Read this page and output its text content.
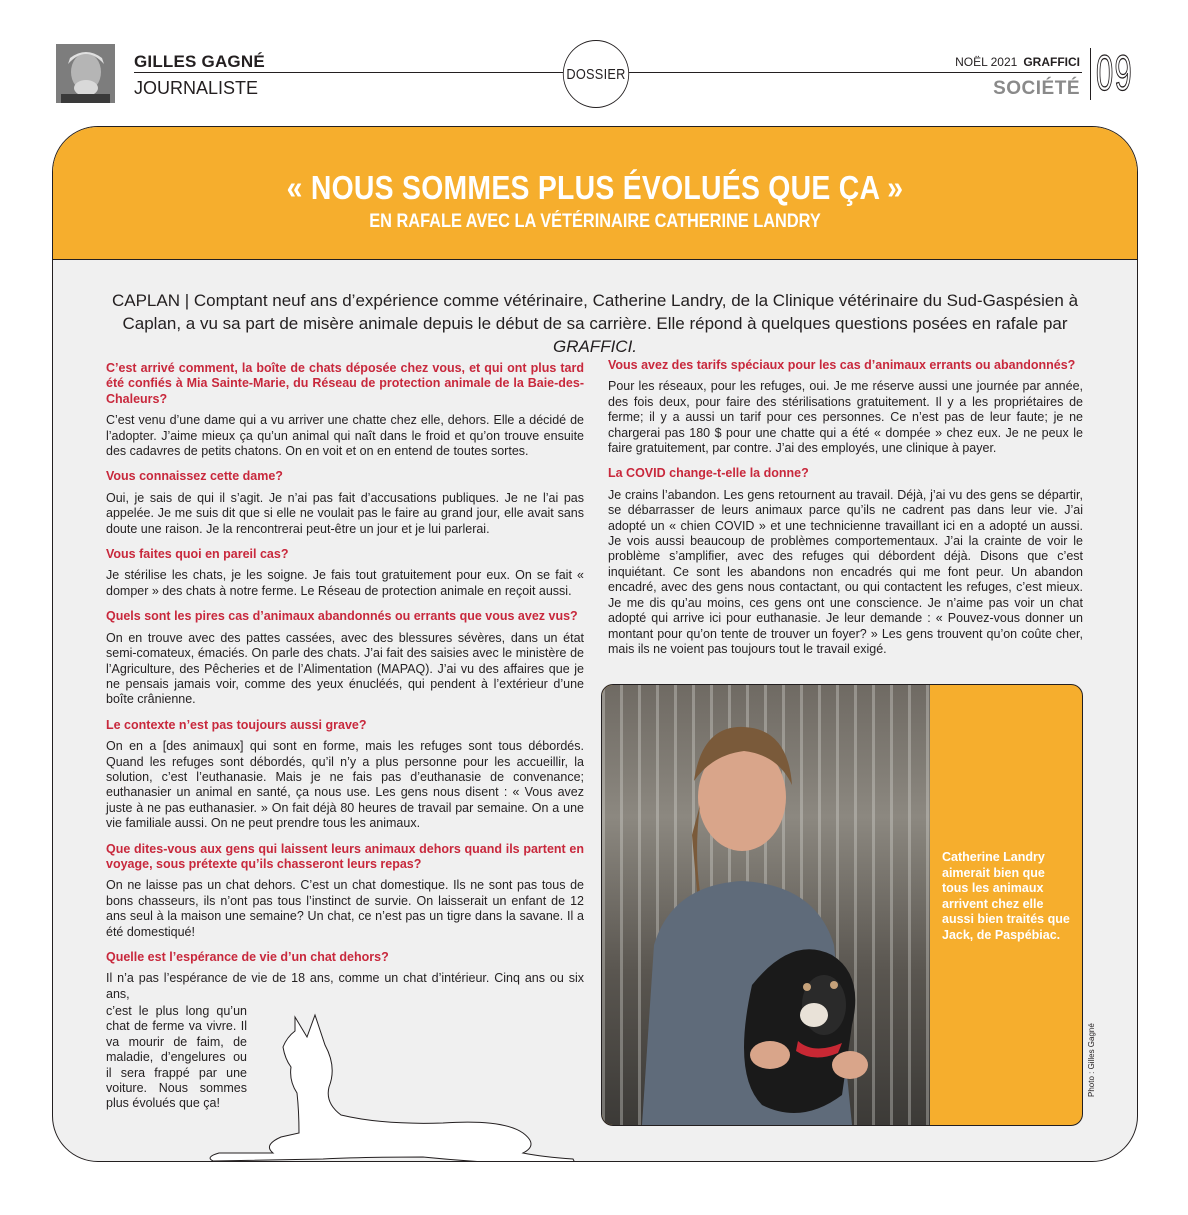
GILLES GAGNÉ
JOURNALISTE
DOSSIER
NOËL 2021 GRAFFICI
SOCIÉTÉ 09
« NOUS SOMMES PLUS ÉVOLUÉS QUE ÇA »
EN RAFALE AVEC LA VÉTÉRINAIRE CATHERINE LANDRY
CAPLAN | Comptant neuf ans d’expérience comme vétérinaire, Catherine Landry, de la Clinique vétérinaire du Sud-Gaspésien à Caplan, a vu sa part de misère animale depuis le début de sa carrière. Elle répond à quelques questions posées en rafale par GRAFFICI.

C’est arrivé comment, la boîte de chats déposée chez vous, et qui ont plus tard été confiés à Mia Sainte-Marie, du Réseau de protection animale de la Baie-des-Chaleurs?

C’est venu d’une dame qui a vu arriver une chatte chez elle, dehors. Elle a décidé de l’adopter. J’aime mieux ça qu’un animal qui naît dans le froid et qu’on trouve ensuite des cadavres de petits chatons. On en voit et on en entend de toutes sortes.

Vous connaissez cette dame?

Oui, je sais de qui il s’agit. Je n’ai pas fait d’accusations publiques. Je ne l’ai pas appelée. Je me suis dit que si elle ne voulait pas le faire au grand jour, elle avait sans doute une raison. Je la rencontrerai peut-être un jour et je lui parlerai.

Vous faites quoi en pareil cas?

Je stérilise les chats, je les soigne. Je fais tout gratuitement pour eux. On se fait « domper » des chats à notre ferme. Le Réseau de protection animale en reçoit aussi.

Quels sont les pires cas d’animaux abandonnés ou errants que vous avez vus?

On en trouve avec des pattes cassées, avec des blessures sévères, dans un état semi-comateux, émaciés. On parle des chats. J’ai fait des saisies avec le ministère de l’Agriculture, des Pêcheries et de l’Alimentation (MAPAQ). J’ai vu des affaires que je ne pensais jamais voir, comme des yeux énucléés, qui pendent à l’extérieur d’une boîte crânienne.

Le contexte n’est pas toujours aussi grave?

On en a [des animaux] qui sont en forme, mais les refuges sont tous débordés. Quand les refuges sont débordés, qu’il n’y a plus personne pour les accueillir, la solution, c’est l’euthanasie. Mais je ne fais pas d’euthanasie de convenance; euthanasier un animal en santé, ça nous use. Les gens nous disent : « Vous avez juste à ne pas euthanasier. » On fait déjà 80 heures de travail par semaine. On a une vie familiale aussi. On ne peut prendre tous les animaux.

Que dites-vous aux gens qui laissent leurs animaux dehors quand ils partent en voyage, sous prétexte qu’ils chasseront leurs repas?

On ne laisse pas un chat dehors. C’est un chat domestique. Ils ne sont pas tous de bons chasseurs, ils n’ont pas tous l’instinct de survie. On laisserait un enfant de 12 ans seul à la maison une semaine? Un chat, ce n’est pas un tigre dans la savane. Il a été domestiqué!

Quelle est l’espérance de vie d’un chat dehors?

Il n’a pas l’espérance de vie de 18 ans, comme un chat d’intérieur. Cinq ans ou six ans,

c’est le plus long qu’un chat de ferme va vivre. Il va mourir de faim, de maladie, d’engelures ou il sera frappé par une voiture. Nous sommes plus évolués que ça!

Vous avez des tarifs spéciaux pour les cas d’animaux errants ou abandonnés?

Pour les réseaux, pour les refuges, oui. Je me réserve aussi une journée par année, des fois deux, pour faire des stérilisations gratuitement. Il y a les propriétaires de ferme; il y a aussi un tarif pour ces personnes. Ce n’est pas de leur faute; je ne chargerai pas 180 $ pour une chatte qui a été « dompée » chez eux. Je ne peux le faire gratuitement, par contre. J’ai des employés, une clinique à payer.

La COVID change-t-elle la donne?

Je crains l’abandon. Les gens retournent au travail. Déjà, j’ai vu des gens se départir, se débarrasser de leurs animaux parce qu’ils ne cadrent pas dans leur vie. J’ai adopté un « chien COVID » et une technicienne travaillant ici en a adopté un aussi. Je vois aussi beaucoup de problèmes comportementaux. J’ai la crainte de voir le problème s’amplifier, avec des refuges qui débordent déjà. Disons que c’est inquiétant. Ce sont les abandons non encadrés qui me font peur. Un abandon encadré, avec des gens nous contactant, ou qui contactent les refuges, c’est mieux. Je me dis qu’au moins, ces gens ont une conscience. Je n’aime pas voir un chat adopté qui arrive ici pour euthanasie. Je leur demande : « Pouvez-vous donner un montant pour qu’on tente de trouver un foyer? » Les gens trouvent qu’on coûte cher, mais ils ne voient pas toujours tout le travail exigé.

Catherine Landry aimerait bien que tous les animaux arrivent chez elle aussi bien traités que Jack, de Paspébiac.
Photo : Gilles Gagné
